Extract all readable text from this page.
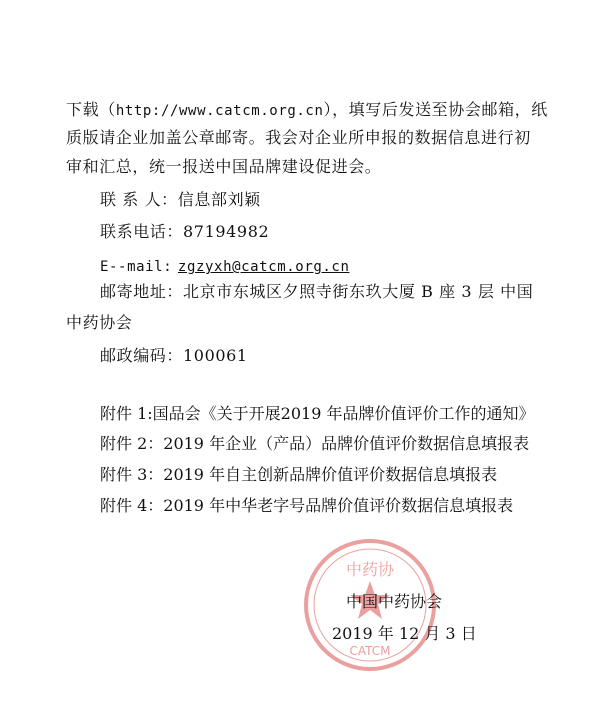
下载（http://www.catcm.org.cn），填写后发送至协会邮箱，纸
质版请企业加盖公章邮寄。我会对企业所申报的数据信息进行初
审和汇总，统一报送中国品牌建设促进会。
联 系 人：信息部刘颖
联系电话：87194982
E--mail: zgzyxh@catcm.org.cn
邮寄地址：北京市东城区夕照寺街东玖大厦 B 座 3 层 中国
中药协会
邮政编码：100061
附件 1:国品会《关于开展2019 年品牌价值评价工作的通知》
附件 2：2019 年企业（产品）品牌价值评价数据信息填报表
附件 3：2019 年自主创新品牌价值评价数据信息填报表
附件 4：2019 年中华老字号品牌价值评价数据信息填报表
中药协
CATCM
中国中药协会
2019 年 12 月 3 日
